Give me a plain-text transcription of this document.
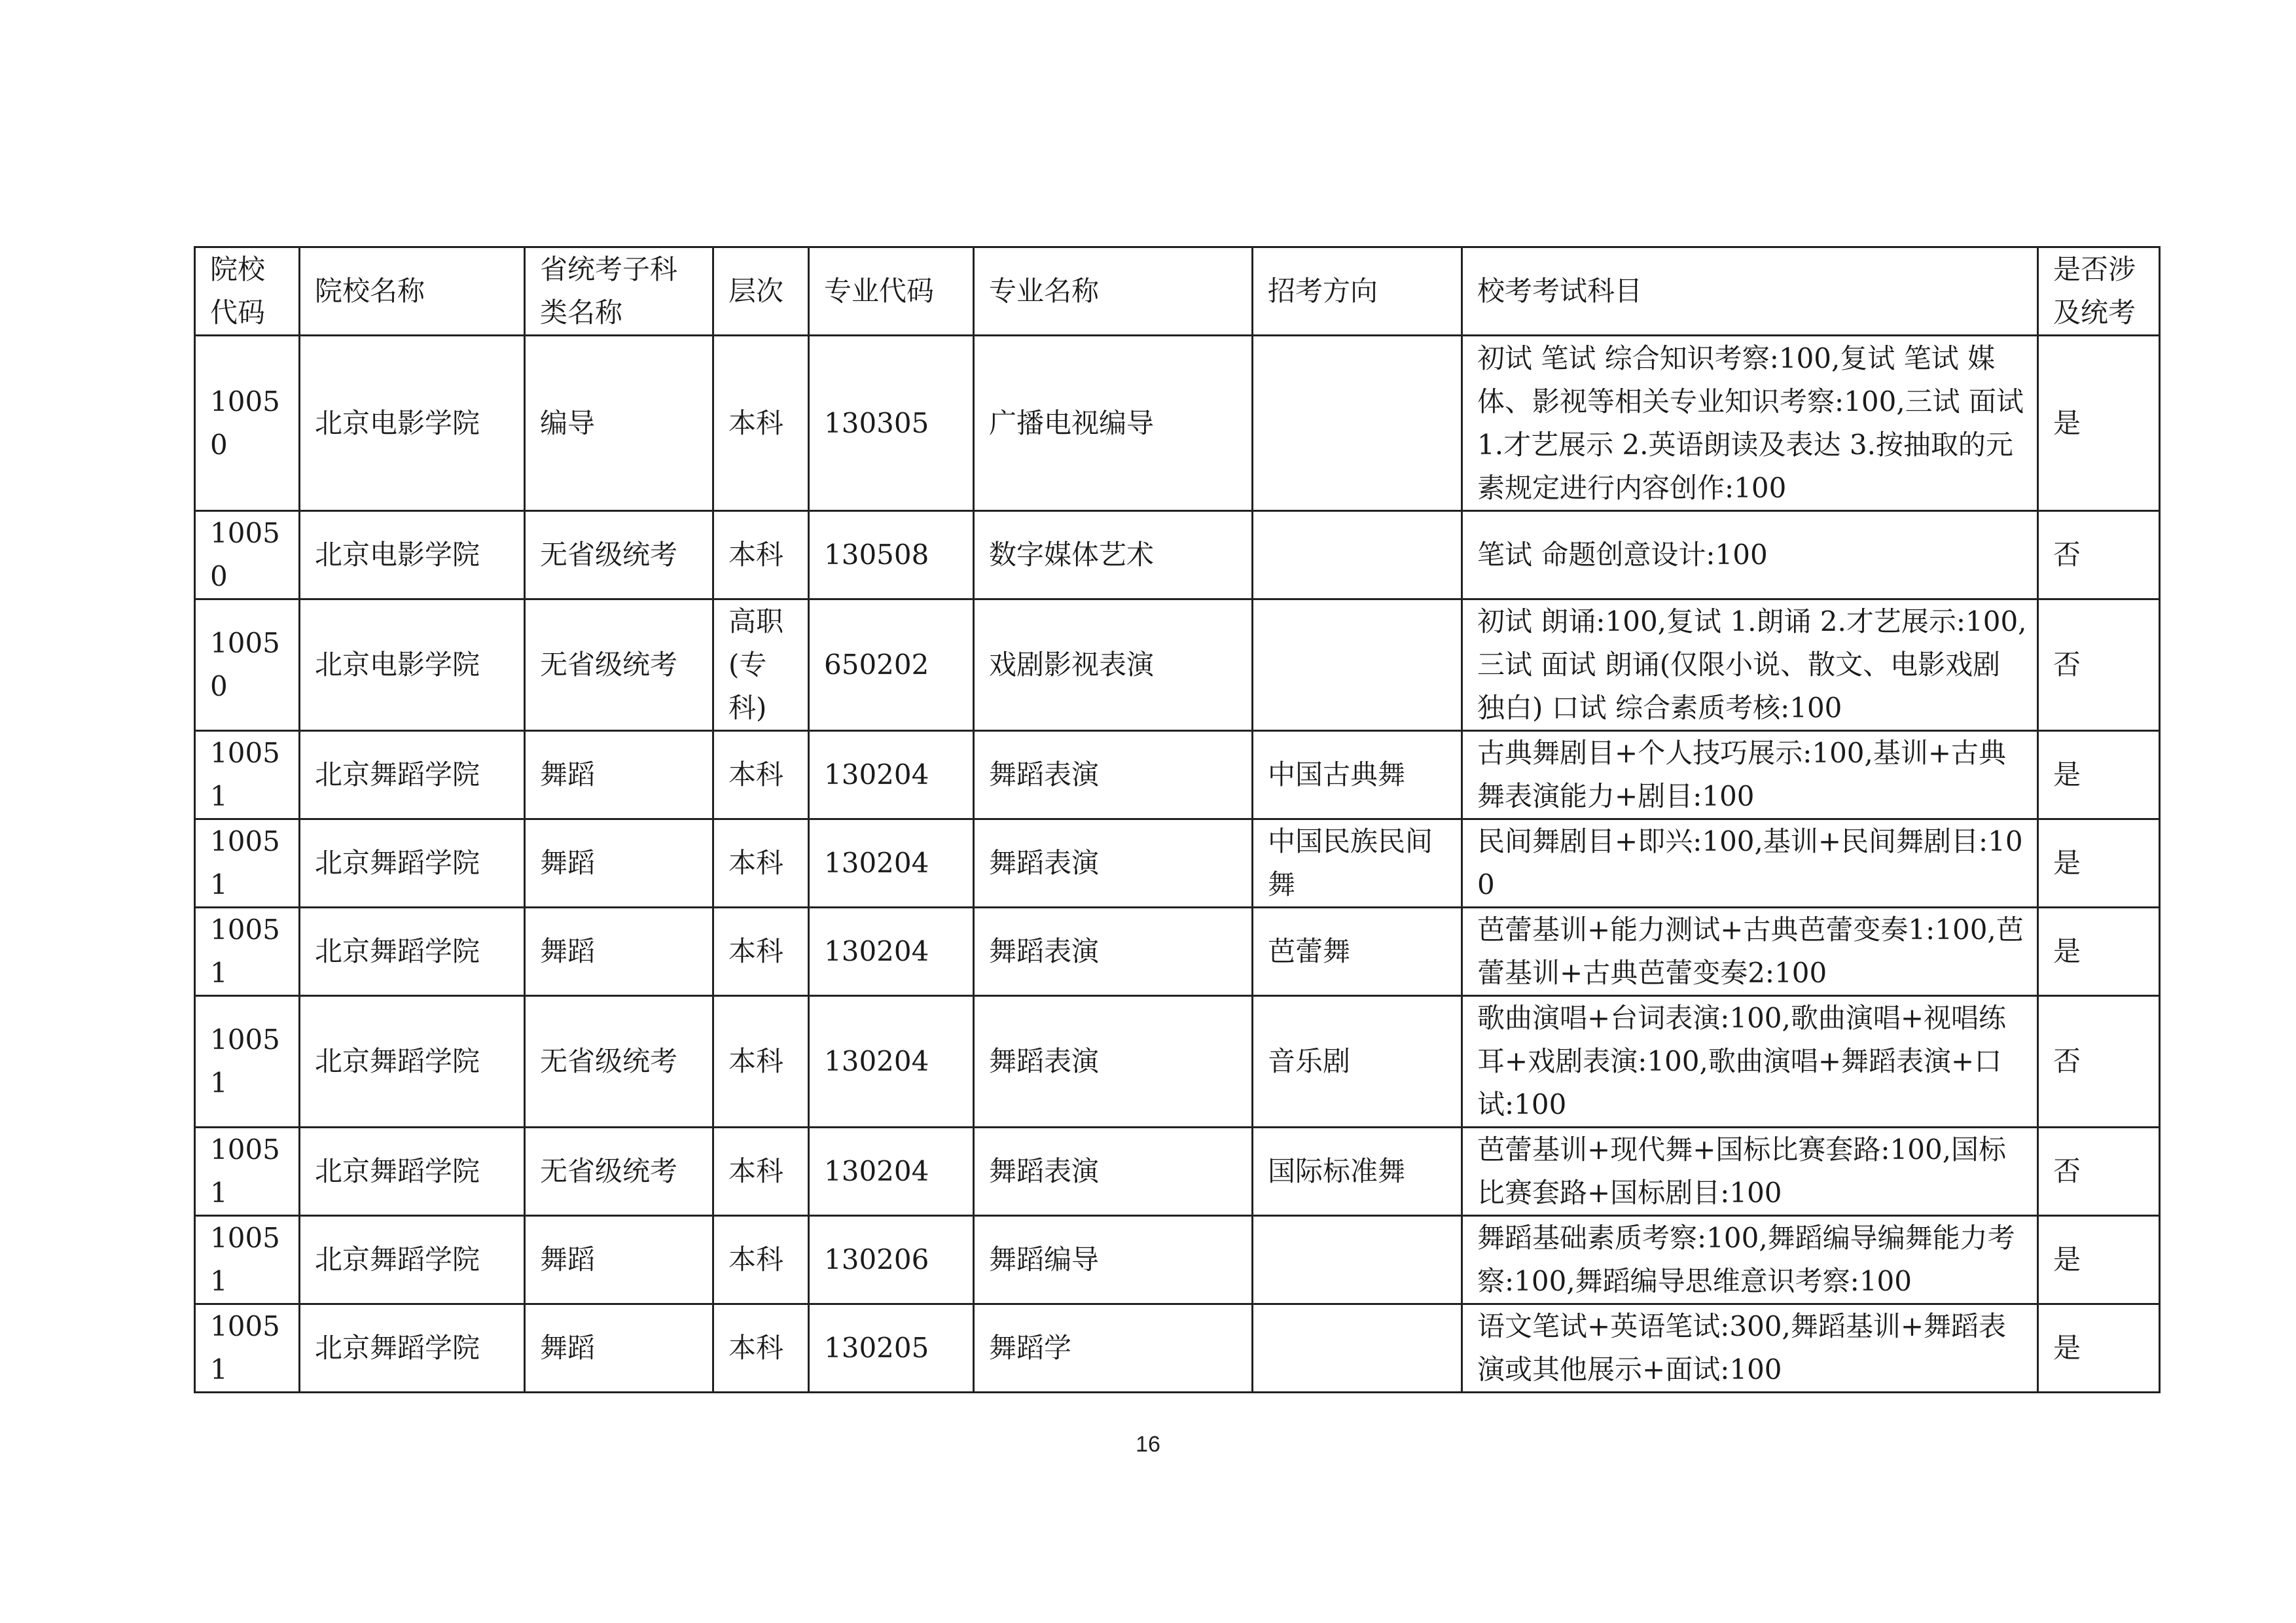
院校代码	院校名称	省统考子科类名称	层次	专业代码	专业名称	招考方向	校考考试科目	是否涉及统考
10050	北京电影学院	编导	本科	130305	广播电视编导		初试 笔试 综合知识考察:100,复试 笔试 媒体、影视等相关专业知识考察:100,三试 面试 1.才艺展示 2.英语朗读及表达 3.按抽取的元素规定进行内容创作:100	是
10050	北京电影学院	无省级统考	本科	130508	数字媒体艺术		笔试 命题创意设计:100	否
10050	北京电影学院	无省级统考	高职(专科)	650202	戏剧影视表演		初试 朗诵:100,复试 1.朗诵 2.才艺展示:100,三试 面试 朗诵(仅限小说、散文、电影戏剧独白) 口试 综合素质考核:100	否
10051	北京舞蹈学院	舞蹈	本科	130204	舞蹈表演	中国古典舞	古典舞剧目+个人技巧展示:100,基训+古典舞表演能力+剧目:100	是
10051	北京舞蹈学院	舞蹈	本科	130204	舞蹈表演	中国民族民间舞	民间舞剧目+即兴:100,基训+民间舞剧目:100	是
10051	北京舞蹈学院	舞蹈	本科	130204	舞蹈表演	芭蕾舞	芭蕾基训+能力测试+古典芭蕾变奏1:100,芭蕾基训+古典芭蕾变奏2:100	是
10051	北京舞蹈学院	无省级统考	本科	130204	舞蹈表演	音乐剧	歌曲演唱+台词表演:100,歌曲演唱+视唱练耳+戏剧表演:100,歌曲演唱+舞蹈表演+口试:100	否
10051	北京舞蹈学院	无省级统考	本科	130204	舞蹈表演	国际标准舞	芭蕾基训+现代舞+国标比赛套路:100,国标比赛套路+国标剧目:100	否
10051	北京舞蹈学院	舞蹈	本科	130206	舞蹈编导		舞蹈基础素质考察:100,舞蹈编导编舞能力考察:100,舞蹈编导思维意识考察:100	是
10051	北京舞蹈学院	舞蹈	本科	130205	舞蹈学		语文笔试+英语笔试:300,舞蹈基训+舞蹈表演或其他展示+面试:100	是
16
